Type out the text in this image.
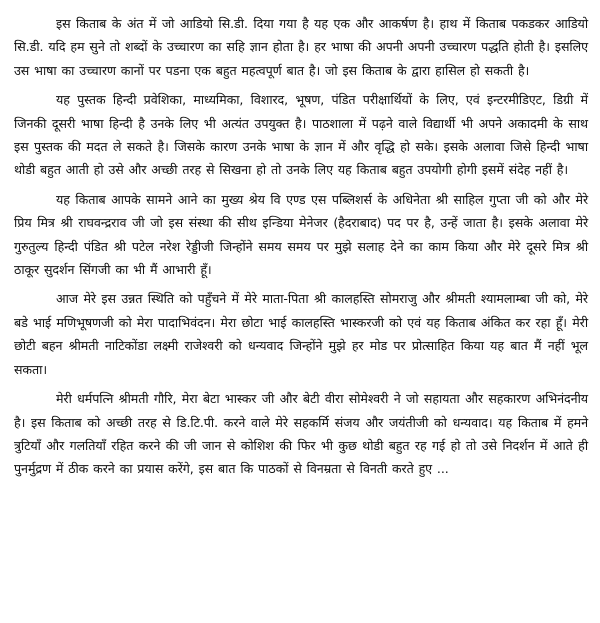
इस किताब के अंत में जो आडियो सि.डी. दिया गया है यह एक और आकर्षण है। हाथ में किताब पकडकर आडियो सि.डी. यदि हम सुने तो शब्दों के उच्चारण का सहि ज्ञान होता है। हर भाषा की अपनी अपनी उच्चारण पद्धति होती है। इसलिए उस भाषा का उच्चारण कानों पर पडना एक बहुत महत्वपूर्ण बात है। जो इस किताब के द्वारा हासिल हो सकती है।

यह पुस्तक हिन्दी प्रवेशिका, माध्यमिका, विशारद, भूषण, पंडित परीक्षार्थियों के लिए, एवं इन्टरमीडिएट, डिग्री में जिनकी दूसरी भाषा हिन्दी है उनके लिए भी अत्यंत उपयुक्त है। पाठशाला में पढ़ने वाले विद्यार्थी भी अपने अकादमी के साथ इस पुस्तक की मदत ले सकते है। जिसके कारण उनके भाषा के ज्ञान में और वृद्धि हो सके। इसके अलावा जिसे हिन्दी भाषा थोडी बहुत आती हो उसे और अच्छी तरह से सिखना हो तो उनके लिए यह किताब बहुत उपयोगी होगी इसमें संदेह नहीं है।

यह किताब आपके सामने आने का मुख्य श्रेय वि एण्ड एस पब्लिशर्स के अधिनेता श्री साहिल गुप्ता जी को और मेरे प्रिय मित्र श्री राघवन्द्रराव जी जो इस संस्था की सीथ इन्डिया मेनेजर (हैदराबाद) पद पर है, उन्हें जाता है। इसके अलावा मेरे गुरुतुल्य हिन्दी पंडित श्री पटेल नरेश रेड्डीजी जिन्होंने समय समय पर मुझे सलाह देने का काम किया और मेरे दूसरे मित्र श्री ठाकूर सुदर्शन सिंगजी का भी मैं आभारी हूँ।

आज मेरे इस उन्नत स्थिति को पहुँचने में मेरे माता-पिता श्री कालहस्ति सोमराजु और श्रीमती श्यामलाम्बा जी को, मेरे बडे भाई मणिभूषणजी को मेरा पादाभिवंदन। मेरा छोटा भाई कालहस्ति भास्करजी को एवं यह किताब अंकित कर रहा हूँ। मेरी छोटी बहन श्रीमती नाटिकोंडा लक्ष्मी राजेश्वरी को धन्यवाद जिन्होंने मुझे हर मोड पर प्रोत्साहित किया यह बात मैं नहीं भूल सकता।

मेरी धर्मपत्नि श्रीमती गौरि, मेरा बेटा भास्कर जी और बेटी वीरा सोमेश्वरी ने जो सहायता और सहकारण अभिनंदनीय है। इस किताब को अच्छी तरह से डि.टि.पी. करने वाले मेरे सहकर्मि संजय और जयंतीजी को धन्यवाद। यह किताब में हमने त्रुटियाँ और गलतियाँ रहित करने की जी जान से कोशिश की फिर भी कुछ थोडी बहुत रह गई हो तो उसे निदर्शन में आते ही पुनर्मुद्रण में ठीक करने का प्रयास करेंगे, इस बात कि पाठकों से विनम्रता से विनती करते हुए ...
